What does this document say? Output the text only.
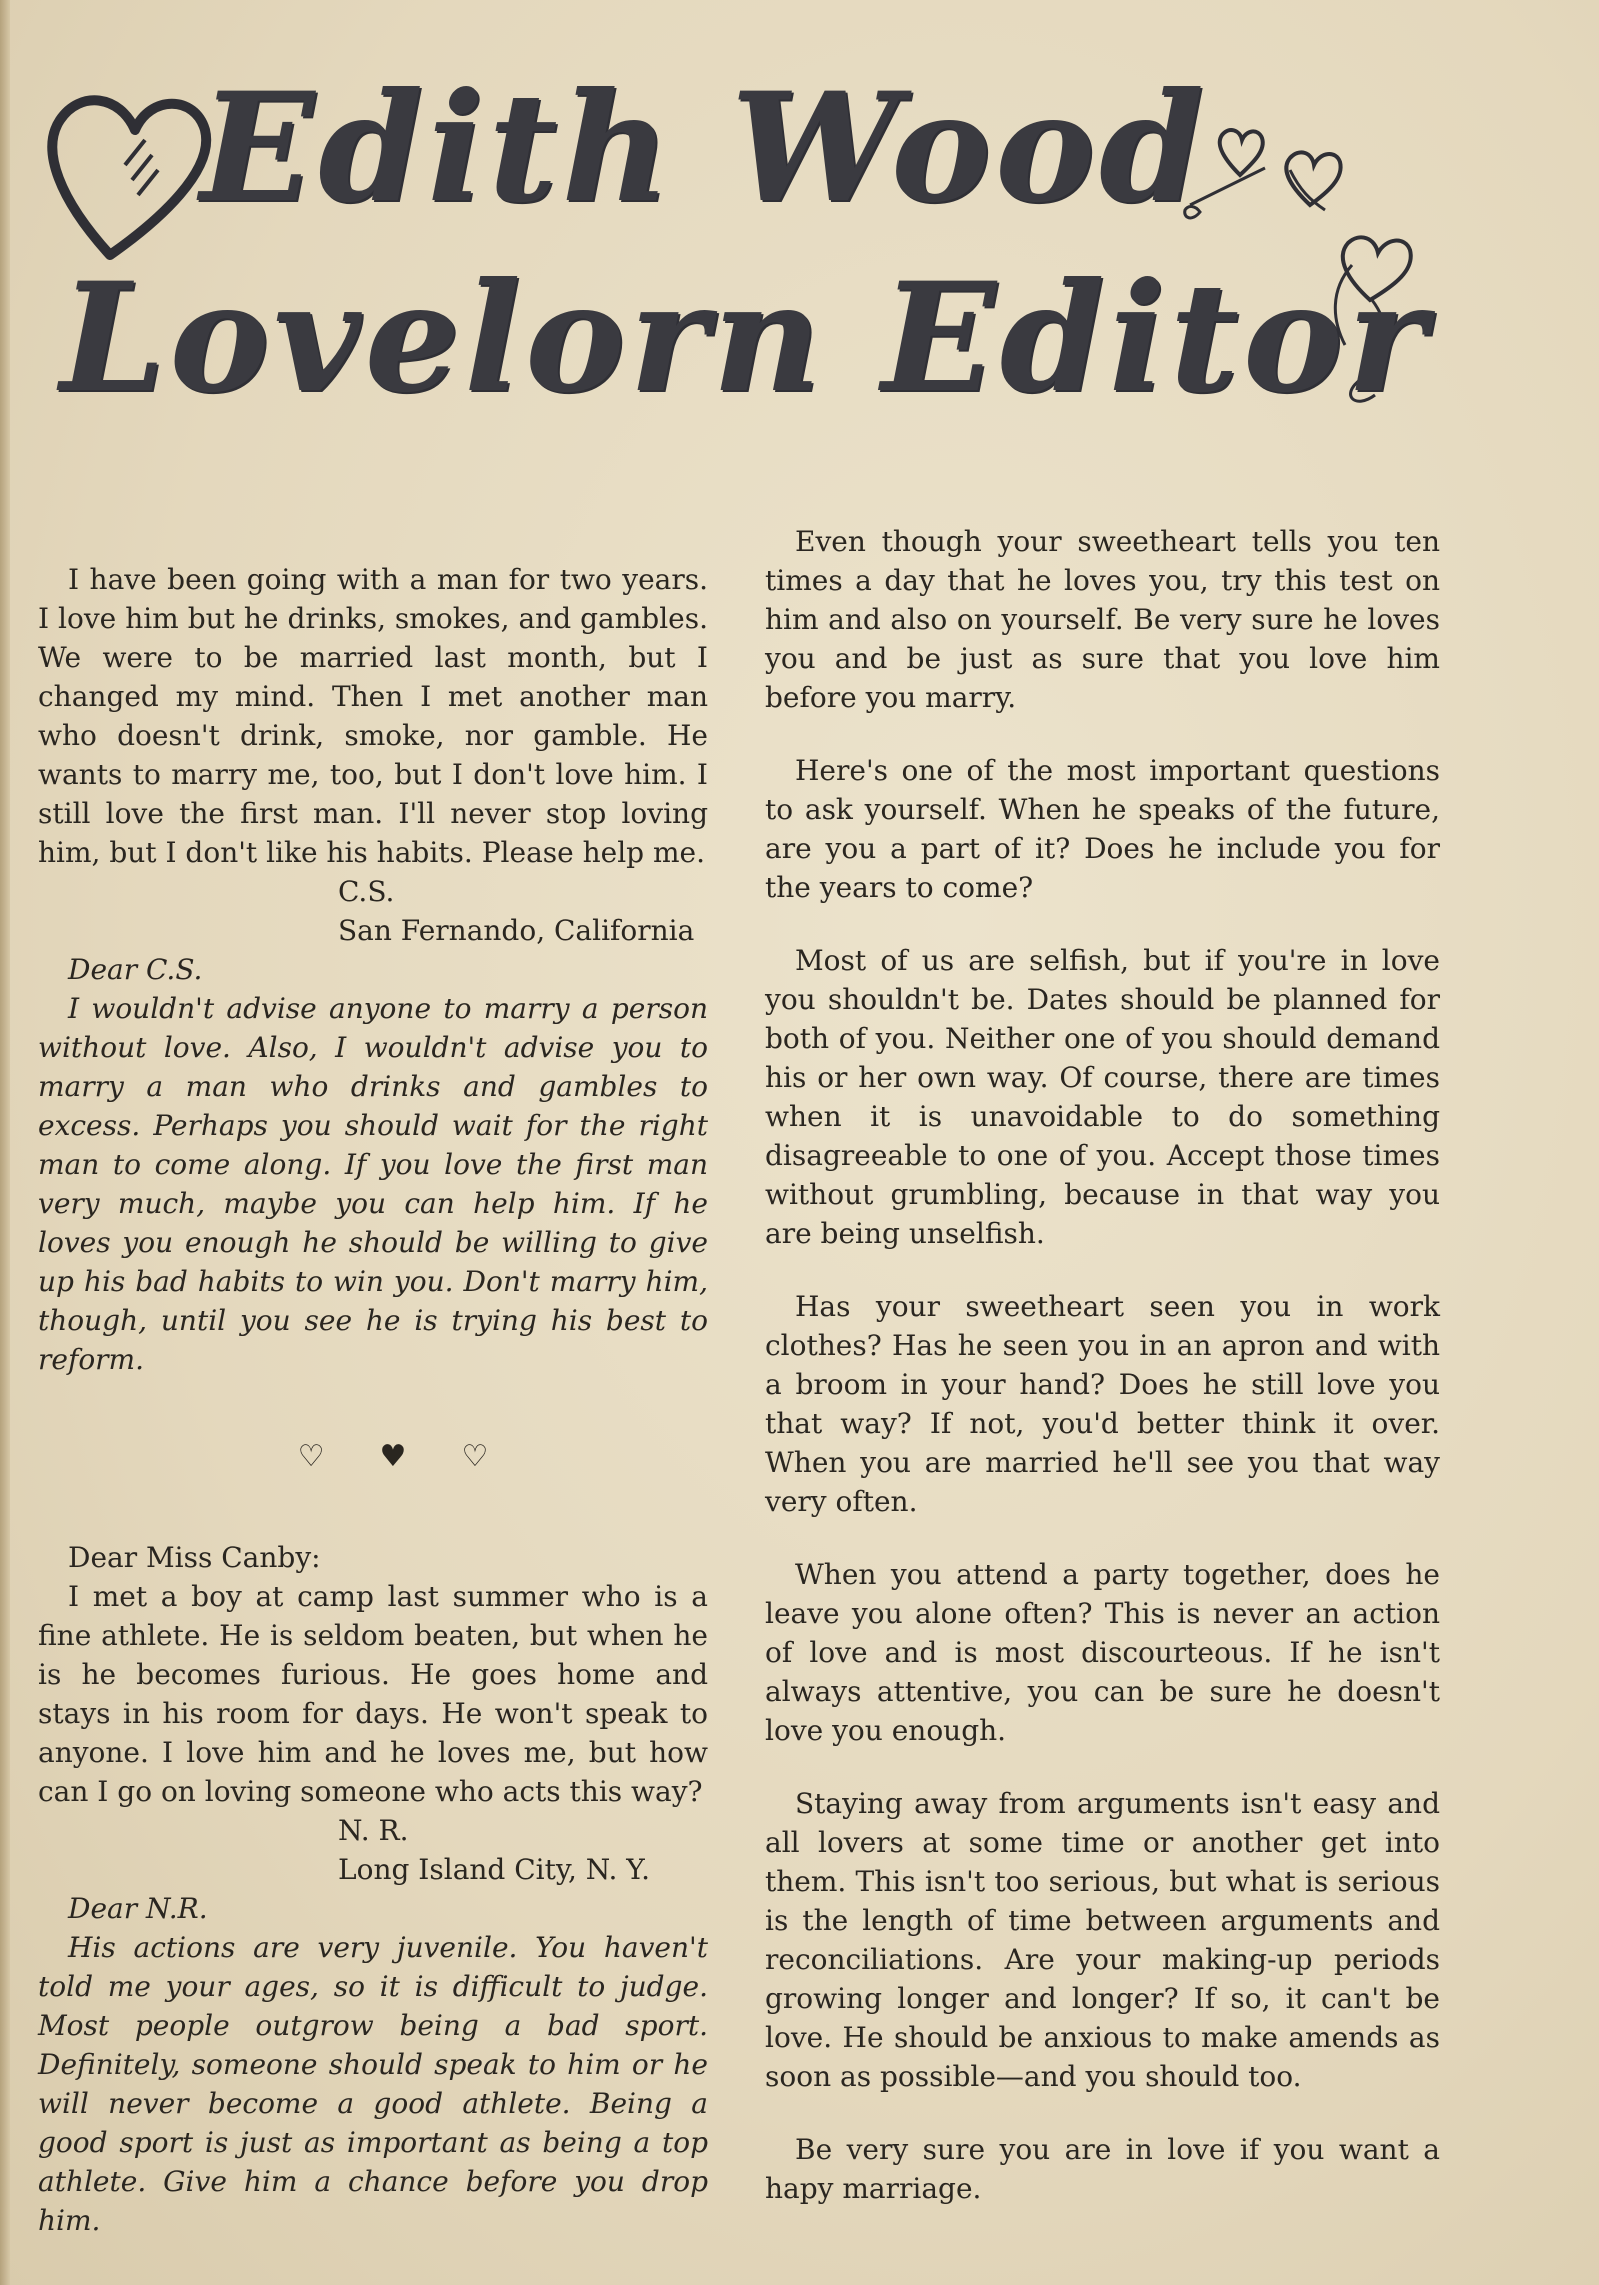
Edith Wood
Lovelorn Editor

I have been going with a man for two years. I love him but he drinks, smokes, and gambles. We were to be married last month, but I changed my mind. Then I met another man who doesn't drink, smoke, nor gamble. He wants to marry me, too, but I don't love him. I still love the first man. I'll never stop loving him, but I don't like his habits. Please help me.

C.S.

San Fernando, California

Dear C.S.

I wouldn't advise anyone to marry a person without love. Also, I wouldn't advise you to marry a man who drinks and gambles to excess. Perhaps you should wait for the right man to come along. If you love the first man very much, maybe you can help him. If he loves you enough he should be willing to give up his bad habits to win you. Don't marry him, though, until you see he is trying his best to reform.

♡ ♥ ♡

Dear Miss Canby:

I met a boy at camp last summer who is a fine athlete. He is seldom beaten, but when he is he becomes furious. He goes home and stays in his room for days. He won't speak to anyone. I love him and he loves me, but how can I go on loving someone who acts this way?

N. R.

Long Island City, N. Y.

Dear N.R.

His actions are very juvenile. You haven't told me your ages, so it is difficult to judge. Most people outgrow being a bad sport. Definitely, someone should speak to him or he will never become a good athlete. Being a good sport is just as important as being a top athlete. Give him a chance before you drop him.

Even though your sweetheart tells you ten times a day that he loves you, try this test on him and also on yourself. Be very sure he loves you and be just as sure that you love him before you marry.

Here's one of the most important questions to ask yourself. When he speaks of the future, are you a part of it? Does he include you for the years to come?

Most of us are selfish, but if you're in love you shouldn't be. Dates should be planned for both of you. Neither one of you should demand his or her own way. Of course, there are times when it is unavoidable to do something disagreeable to one of you. Accept those times without grumbling, because in that way you are being unselfish.

Has your sweetheart seen you in work clothes? Has he seen you in an apron and with a broom in your hand? Does he still love you that way? If not, you'd better think it over. When you are married he'll see you that way very often.

When you attend a party together, does he leave you alone often? This is never an action of love and is most discourteous. If he isn't always attentive, you can be sure he doesn't love you enough.

Staying away from arguments isn't easy and all lovers at some time or another get into them. This isn't too serious, but what is serious is the length of time between arguments and reconciliations. Are your making-up periods growing longer and longer? If so, it can't be love. He should be anxious to make amends as soon as possible—and you should too.

Be very sure you are in love if you want a hapy marriage.
